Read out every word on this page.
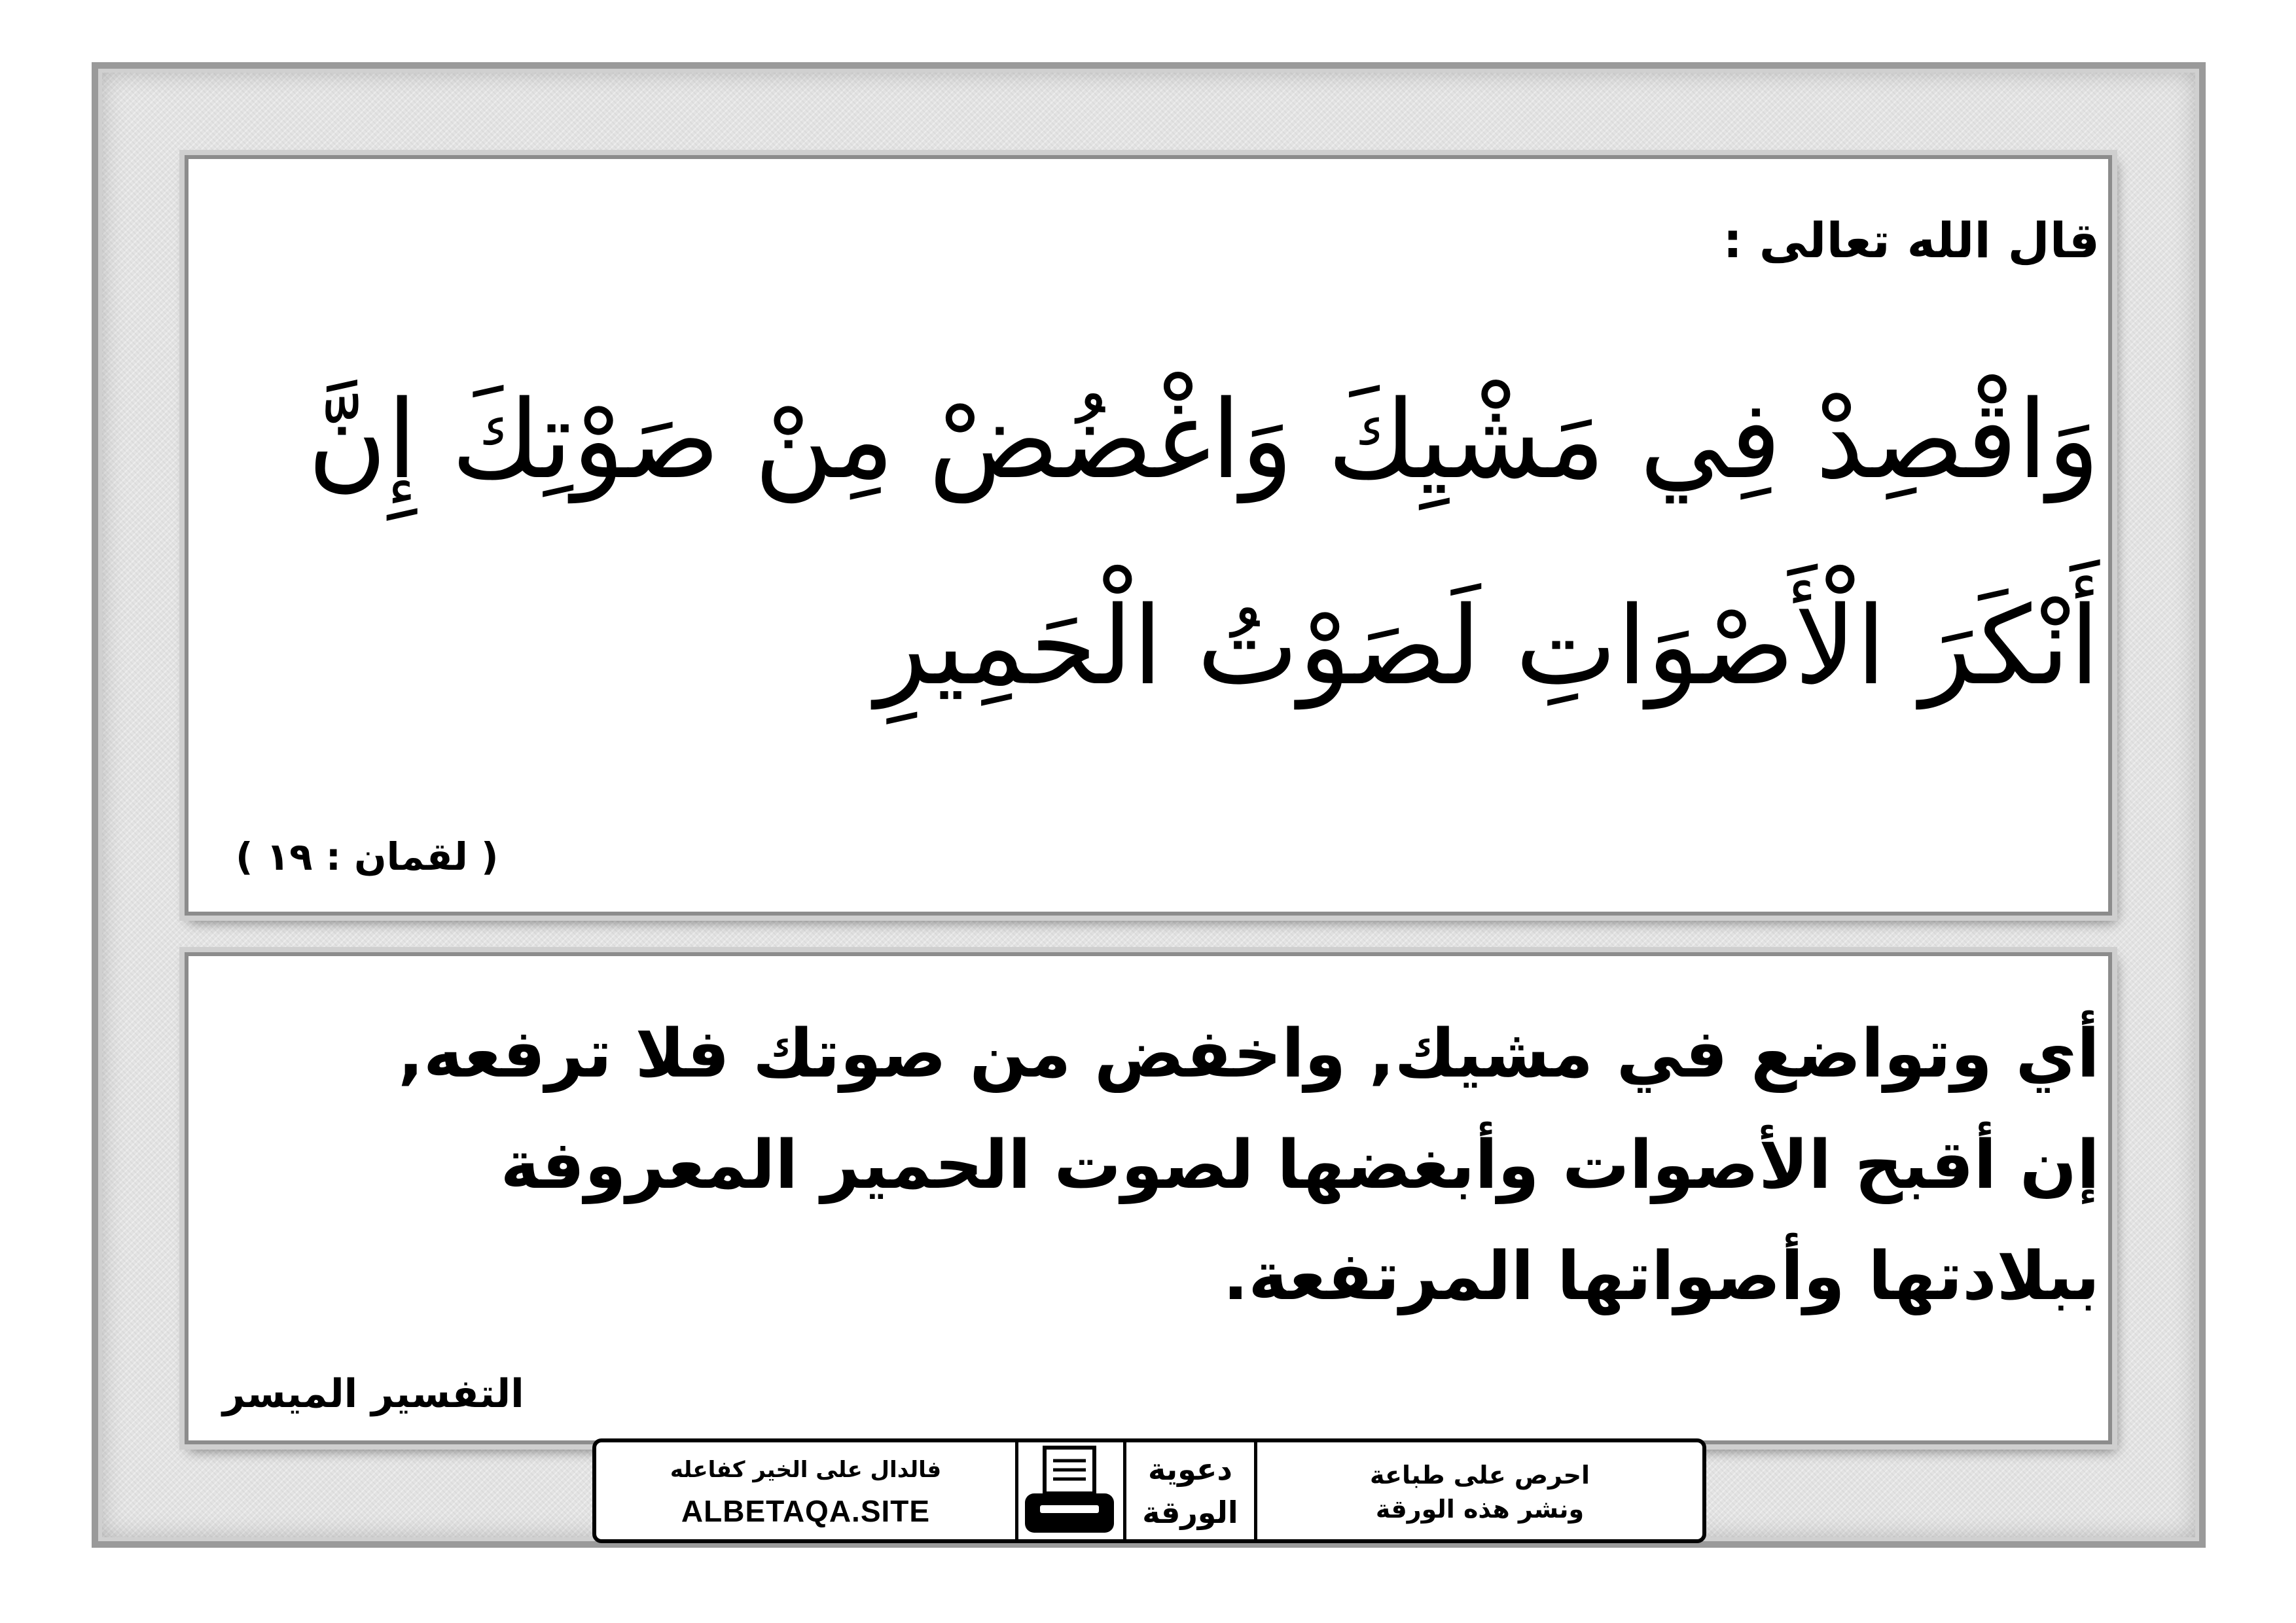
قال الله تعالى :
وَاقْصِدْ فِي مَشْيِكَ وَاغْضُضْ مِنْ صَوْتِكَ إِنَّ
أَنْكَرَ الْأَصْوَاتِ لَصَوْتُ الْحَمِيرِ
( لقمان : ١٩ )
أي وتواضع في مشيك, واخفض من صوتك فلا ترفعه,
إن أقبح الأصوات وأبغضها لصوت الحمير المعروفة
ببلادتها وأصواتها المرتفعة.
التفسير الميسر
فالدال على الخير كفاعله
ALBETAQA.SITE
دعوية
الورقة
احرص على طباعة
ونشر هذه الورقة
